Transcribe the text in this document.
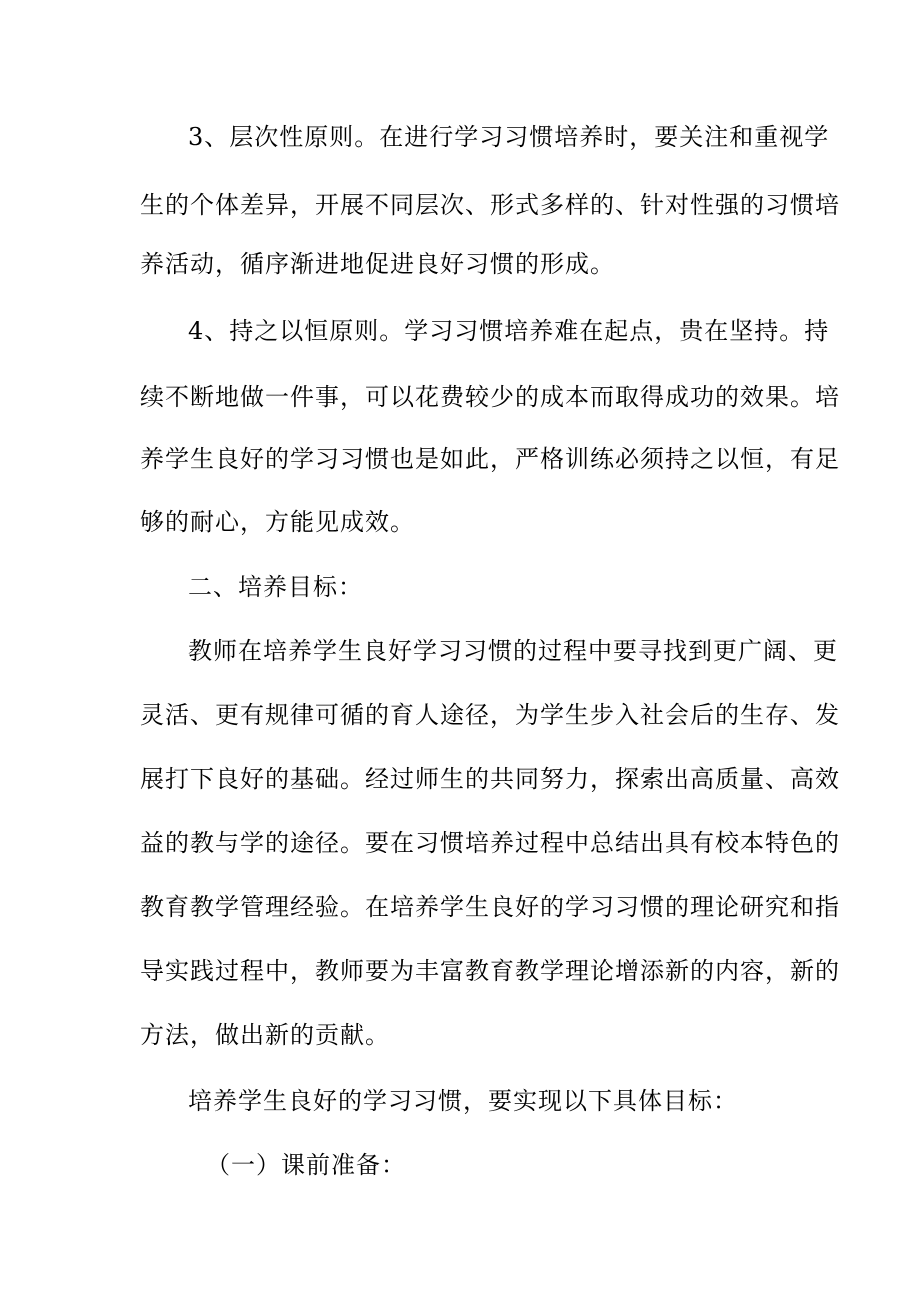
3、层次性原则。在进行学习习惯培养时，要关注和重视学
生的个体差异，开展不同层次、形式多样的、针对性强的习惯培
养活动，循序渐进地促进良好习惯的形成。
4、持之以恒原则。学习习惯培养难在起点，贵在坚持。持
续不断地做一件事，可以花费较少的成本而取得成功的效果。培
养学生良好的学习习惯也是如此，严格训练必须持之以恒，有足
够的耐心，方能见成效。
二、培养目标：
教师在培养学生良好学习习惯的过程中要寻找到更广阔、更
灵活、更有规律可循的育人途径，为学生步入社会后的生存、发
展打下良好的基础。经过师生的共同努力，探索出高质量、高效
益的教与学的途径。要在习惯培养过程中总结出具有校本特色的
教育教学管理经验。在培养学生良好的学习习惯的理论研究和指
导实践过程中，教师要为丰富教育教学理论增添新的内容，新的
方法，做出新的贡献。
培养学生良好的学习习惯，要实现以下具体目标：
（一）课前准备：
